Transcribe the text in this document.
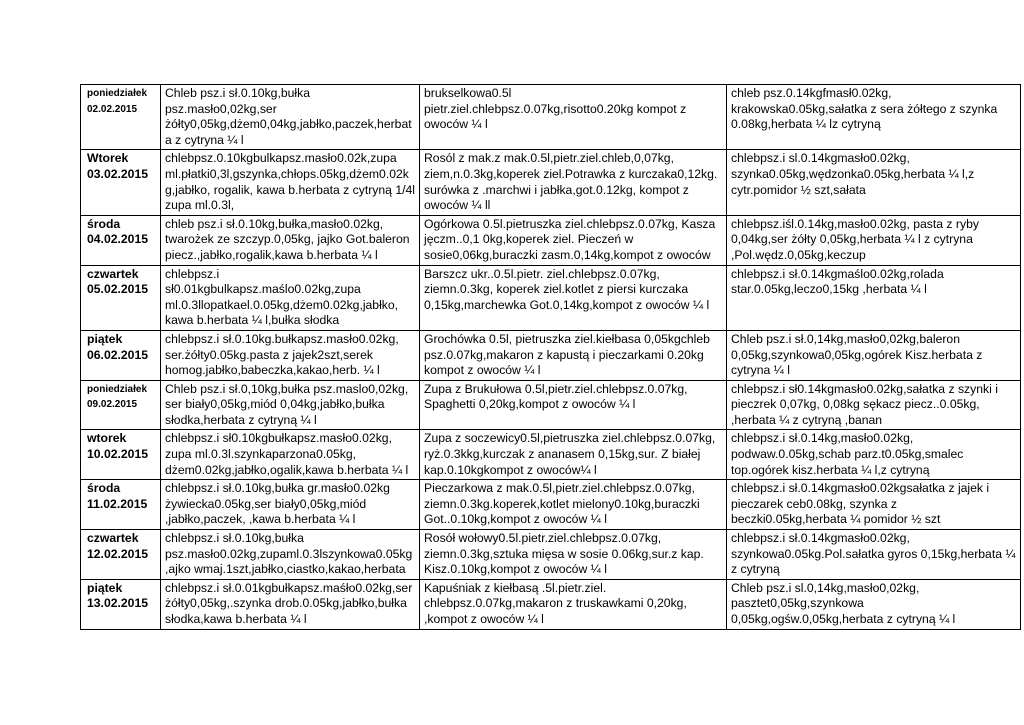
poniedziałek
02.02.2015	Chleb psz.i sł.0.10kg,bułka psz.masło0,02kg,ser żółty0,05kg,dżem0,04kg,jabłko,paczek,herbata z cytryna ¼ l	brukselkowa0.5l pietr.ziel.chlebpsz.0.07kg,risotto0.20kg kompot z owoców ¼ l	chleb psz.0.14kgfmasł0.02kg, krakowska0.05kg,sałatka z sera żółtego z szynka 0.08kg,herbata ¼ lz cytryną

Wtorek
03.02.2015	chlebpsz.0.10kgbulkapsz.masło0.02k,zupa ml.płatki0,3l,gszynka,chłops.05kg,dżem0.02kg,jabłko, rogalik, kawa b.herbata z cytryną 1/4l zupa ml.0.3l,	Rosól z mak.z mak.0.5l,pietr.ziel.chleb,0,07kg, ziem,n.0.3kg,koperek ziel.Potrawka z kurczaka0,12kg. surówka z .marchwi i jabłka,got.0.12kg, kompot z owoców ¼ ll	chlebpsz.i sl.0.14kgmasło0.02kg, szynka0.05kg,wędzonka0.05kg,herbata ¼ l,z cytr.pomidor ½ szt,sałata

środa
04.02.2015	chleb psz.i sł.0.10kg,bułka,masło0.02kg, twarożek ze szczyp.0,05kg, jajko Got.baleron piecz.,jabłko,rogalik,kawa b.herbata ¼ l	Ogórkowa 0.5l.pietruszka ziel.chlebpsz.0.07kg, Kasza jęczm..0,1 0kg,koperek ziel. Pieczeń w sosie0,06kg,buraczki zasm.0,14kg,kompot z owoców	chlebpsz.iśl.0.14kg,masło0.02kg, pasta z ryby 0,04kg,ser żółty 0,05kg,herbata ¼ l z cytryna ,Pol.wędz.0,05kg,keczup

czwartek
05.02.2015	chlebpsz.i sł0.01kgbulkapsz.maślo0.02kg,zupa ml.0.3llopatkael.0.05kg,dżem0.02kg,jabłko, kawa b.herbata ¼ l,bułka słodka	Barszcz ukr..0.5l.pietr. ziel.chlebpsz.0.07kg, ziemn.0.3kg, koperek ziel.kotlet z piersi kurczaka 0,15kg,marchewka Got.0,14kg,kompot z owoców ¼ l	chlebpsz.i sł.0.14kgmaślo0.02kg,rolada star.0.05kg,leczo0,15kg ,herbata ¼ l

piątek
06.02.2015	chlebpsz.i sł.0.10kg.bułkapsz.masło0.02kg, ser.żółty0.05kg.pasta z jajek2szt,serek homog.jabłko,babeczka,kakao,herb. ¼ l	Grochówka 0.5l, pietruszka ziel.kiełbasa 0,05kgchleb psz.0.07kg,makaron z kapustą i pieczarkami 0.20kg kompot z owoców ¼ l	Chleb psz.i sł.0,14kg,masło0,02kg,baleron 0,05kg,szynkowa0,05kg,ogórek Kisz.herbata z cytryna ¼ l

poniedziałek
09.02.2015	Chleb psz.i sł.0,10kg,bułka psz.maslo0,02kg, ser biały0,05kg,miód 0,04kg,jabłko,bułka słodka,herbata z cytryną ¼ l	Zupa z Brukułowa 0.5l,pietr.ziel.chlebpsz.0.07kg, Spaghetti 0,20kg,kompot z owoców ¼ l	chlebpsz.i sł0.14kgmasło0.02kg,sałatka z szynki i pieczrek 0,07kg, 0,08kg sękacz piecz..0.05kg, ,herbata ¼ z cytryną ,banan

wtorek
10.02.2015	chlebpsz.i sł0.10kgbułkapsz.masło0.02kg, zupa ml.0.3l.szynkaparzona0.05kg, dżem0.02kg,jabłko,ogalik,kawa b.herbata ¼ l	Zupa z soczewicy0.5l,pietruszka ziel.chlebpsz.0.07kg, ryż.0.3kkg,kurczak z ananasem 0,15kg,sur. Z białej kap.0.10kgkompot z owoców¼ l	chlebpsz.i sł.0.14kg,masło0.02kg, podwaw.0.05kg,schab parz.t0.05kg,smalec top.ogórek kisz.herbata ¼ l,z cytryną

środa
11.02.2015	chlebpsz.i sł.0.10kg,bułka gr.masło0.02kg żywiecka0.05kg,ser biały0,05kg,miód ,jabłko,paczek, ,kawa b.herbata ¼ l	Pieczarkowa z mak.0.5l,pietr.ziel.chlebpsz.0.07kg, ziemn.0.3kg.koperek,kotlet mielony0.10kg,buraczki Got..0.10kg,kompot z owoców ¼ l	chlebpsz.i sł.0.14kgmasło0.02kgsałatka z jajek i pieczarek ceb0.08kg, szynka z beczki0.05kg,herbata ¼ pomidor ½ szt

czwartek
12.02.2015	chlebpsz.i sł.0.10kg,bułka psz.masło0.02kg,zupaml.0.3lszynkowa0.05kg ,ajko wmaj.1szt,jabłko,ciastko,kakao,herbata	Rosół wołowy0.5l.pietr.ziel.chlebpsz.0.07kg, ziemn.0.3kg,sztuka mięsa w sosie 0.06kg,sur.z kap. Kisz.0.10kg,kompot z owoców ¼ l	chlebpsz.i sł.0.14kgmasło0.02kg, szynkowa0.05kg.Pol.sałatka gyros 0,15kg,herbata ¼ z cytryną

piątek
13.02.2015	chlebpsz.i sł.0.01kgbułkapsz.maśło0.02kg,ser żółty0,05kg,.szynka drob.0.05kg,jabłko,bułka słodka,kawa b.herbata ¼ l	Kapuśniak z kiełbasą .5l.pietr.ziel. chlebpsz.0.07kg,makaron z truskawkami 0,20kg, ,kompot z owoców ¼ l	Chleb psz.i sl.0,14kg,masło0,02kg, pasztet0,05kg,szynkowa 0,05kg,ogśw.0,05kg,herbata z cytryną ¼ l
